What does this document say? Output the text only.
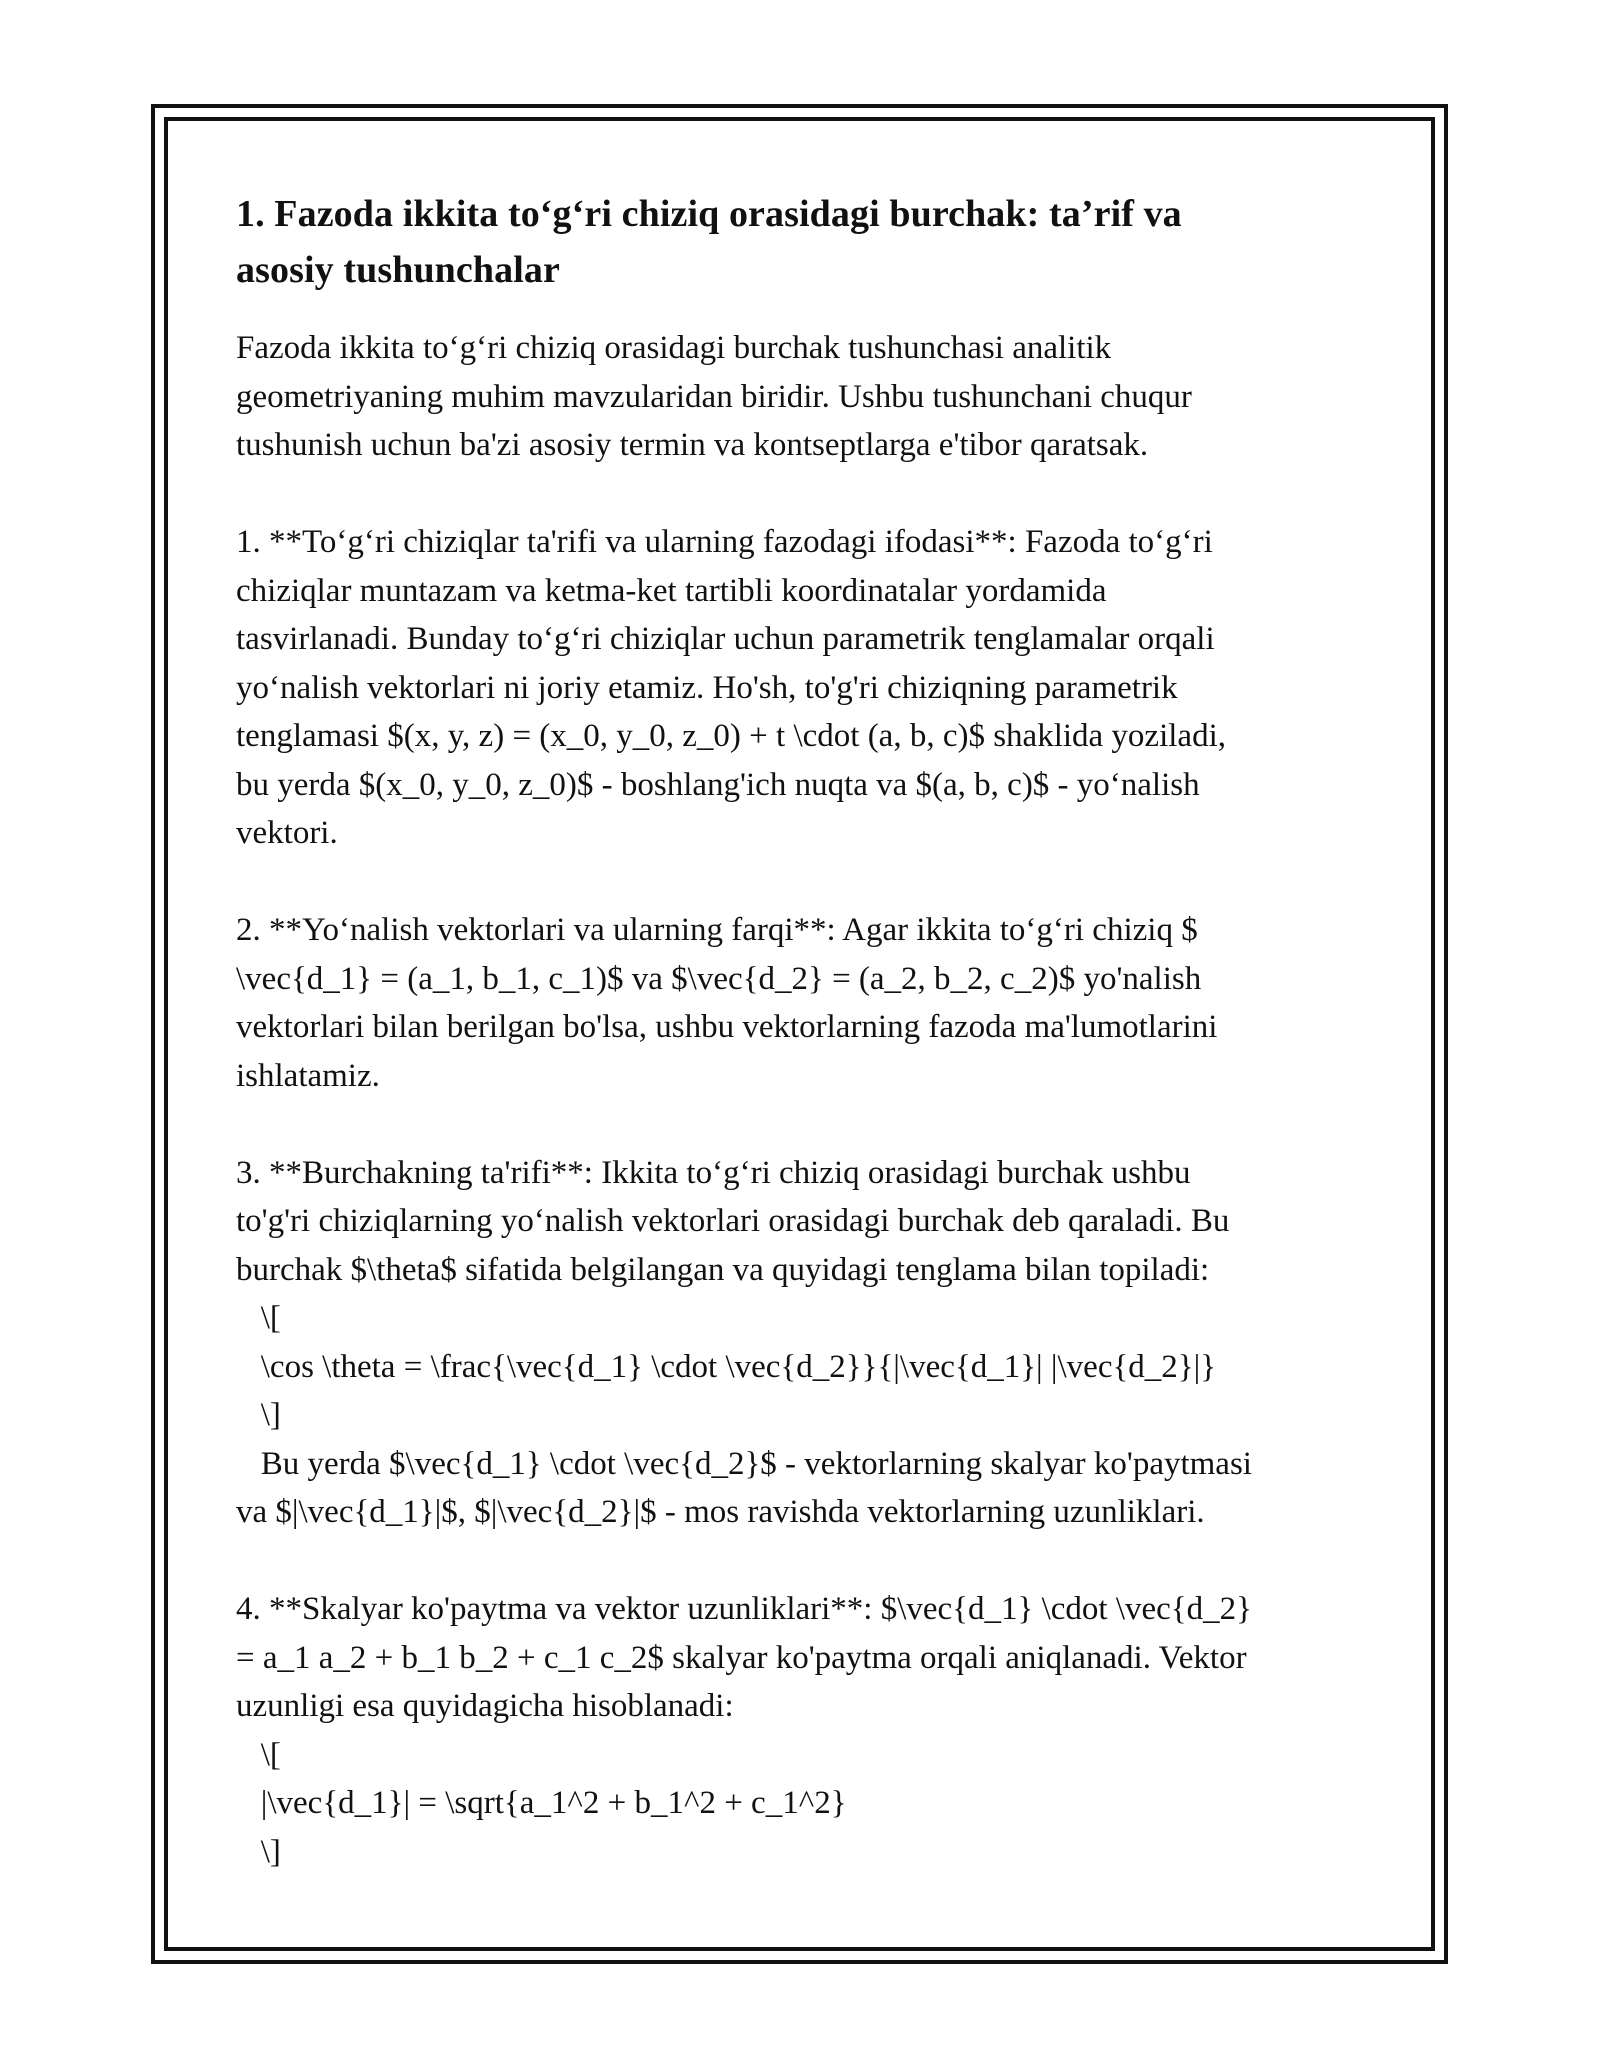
1. Fazoda ikkita to‘g‘ri chiziq orasidagi burchak: ta’rif va
asosiy tushunchalar
Fazoda ikkita to‘g‘ri chiziq orasidagi burchak tushunchasi analitik
geometriyaning muhim mavzularidan biridir. Ushbu tushunchani chuqur
tushunish uchun ba'zi asosiy termin va kontseptlarga e'tibor qaratsak.
1. **To‘g‘ri chiziqlar ta'rifi va ularning fazodagi ifodasi**: Fazoda to‘g‘ri
chiziqlar muntazam va ketma-ket tartibli koordinatalar yordamida
tasvirlanadi. Bunday to‘g‘ri chiziqlar uchun parametrik tenglamalar orqali
yo‘nalish vektorlari ni joriy etamiz. Ho'sh, to'g'ri chiziqning parametrik
tenglamasi $(x, y, z) = (x_0, y_0, z_0) + t \cdot (a, b, c)$ shaklida yoziladi,
bu yerda $(x_0, y_0, z_0)$ - boshlang'ich nuqta va $(a, b, c)$ - yo‘nalish
vektori.
2. **Yo‘nalish vektorlari va ularning farqi**: Agar ikkita to‘g‘ri chiziq $
\vec{d_1} = (a_1, b_1, c_1)$ va $\vec{d_2} = (a_2, b_2, c_2)$ yo'nalish
vektorlari bilan berilgan bo'lsa, ushbu vektorlarning fazoda ma'lumotlarini
ishlatamiz.
3. **Burchakning ta'rifi**: Ikkita to‘g‘ri chiziq orasidagi burchak ushbu
to'g'ri chiziqlarning yo‘nalish vektorlari orasidagi burchak deb qaraladi. Bu
burchak $\theta$ sifatida belgilangan va quyidagi tenglama bilan topiladi:
\[
\cos \theta = \frac{\vec{d_1} \cdot \vec{d_2}}{|\vec{d_1}| |\vec{d_2}|}
\]
Bu yerda $\vec{d_1} \cdot \vec{d_2}$ - vektorlarning skalyar ko'paytmasi
va $|\vec{d_1}|$, $|\vec{d_2}|$ - mos ravishda vektorlarning uzunliklari.
4. **Skalyar ko'paytma va vektor uzunliklari**: $\vec{d_1} \cdot \vec{d_2}
= a_1 a_2 + b_1 b_2 + c_1 c_2$ skalyar ko'paytma orqali aniqlanadi. Vektor
uzunligi esa quyidagicha hisoblanadi:
\[
|\vec{d_1}| = \sqrt{a_1^2 + b_1^2 + c_1^2}
\]
